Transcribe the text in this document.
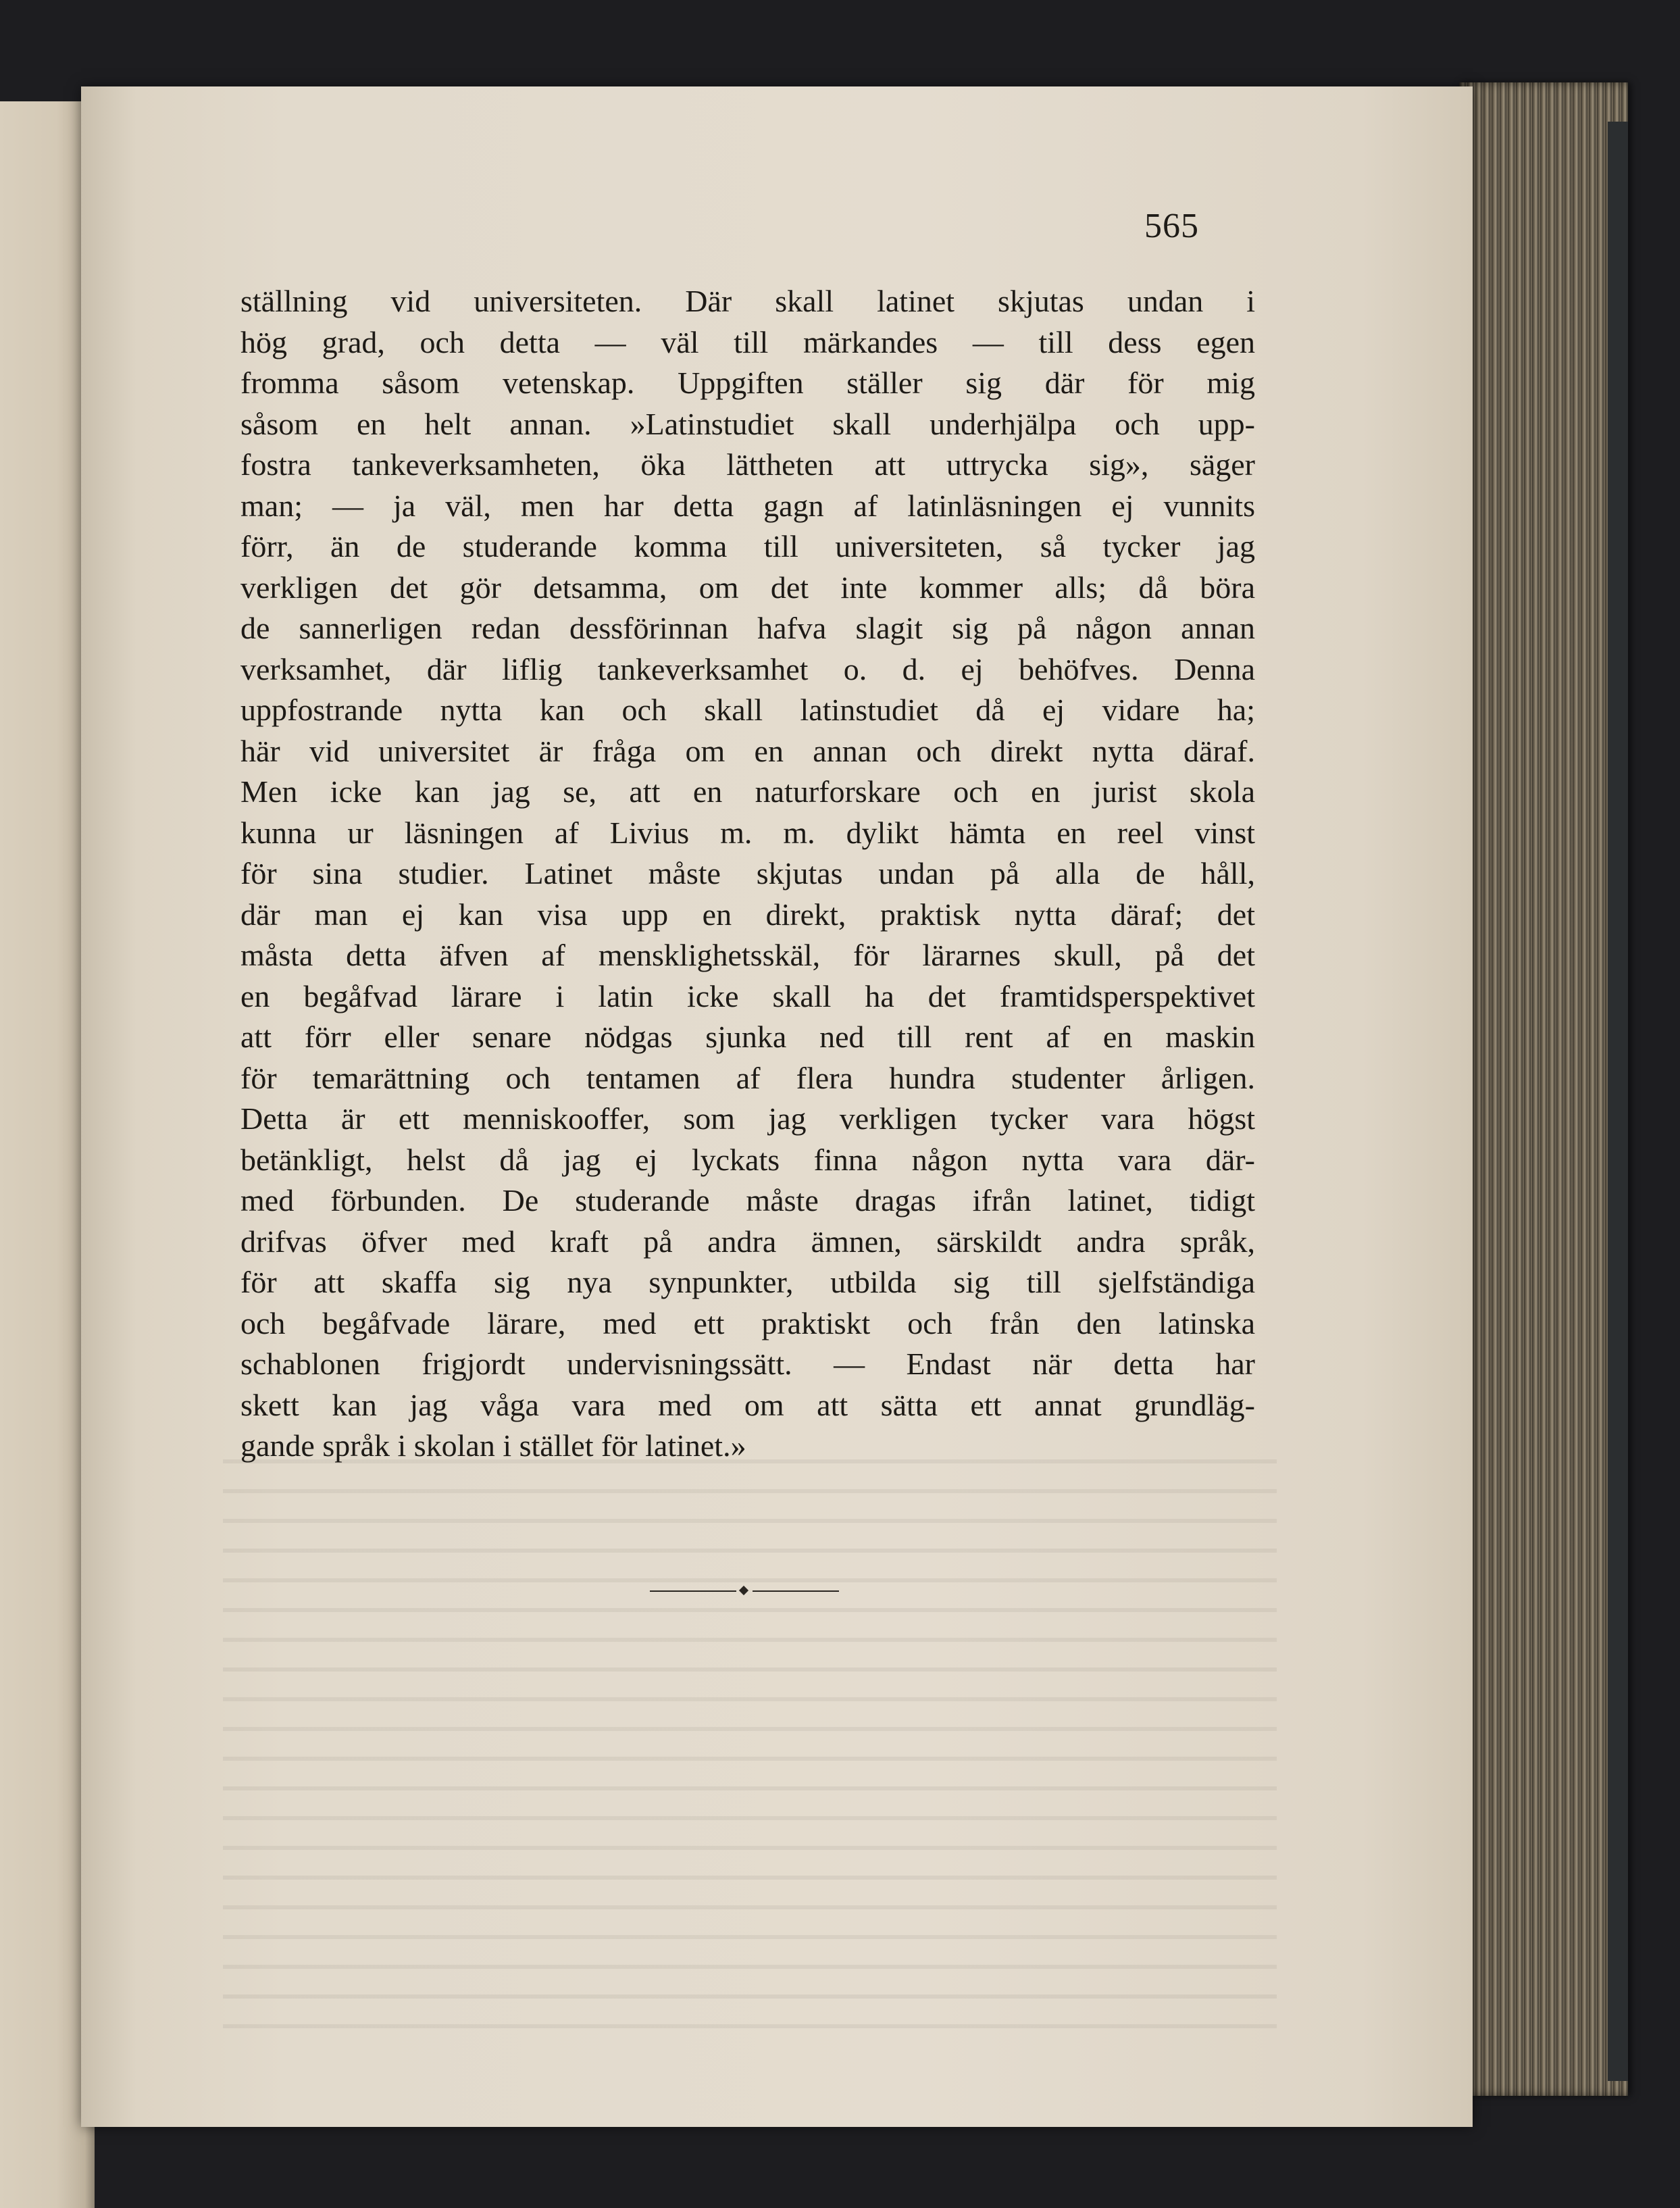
565
ställning vid universiteten. Där skall latinet skjutas undan i
hög grad, och detta — väl till märkandes — till dess egen
fromma såsom vetenskap. Uppgiften ställer sig där för mig
såsom en helt annan. »Latinstudiet skall underhjälpa och upp-
fostra tankeverksamheten, öka lättheten att uttrycka sig», säger
man; — ja väl, men har detta gagn af latinläsningen ej vunnits
förr, än de studerande komma till universiteten, så tycker jag
verkligen det gör detsamma, om det inte kommer alls; då böra
de sannerligen redan dessförinnan hafva slagit sig på någon annan
verksamhet, där liflig tankeverksamhet o. d. ej behöfves. Denna
uppfostrande nytta kan och skall latinstudiet då ej vidare ha;
här vid universitet är fråga om en annan och direkt nytta däraf.
Men icke kan jag se, att en naturforskare och en jurist skola
kunna ur läsningen af Livius m. m. dylikt hämta en reel vinst
för sina studier. Latinet måste skjutas undan på alla de håll,
där man ej kan visa upp en direkt, praktisk nytta däraf; det
måsta detta äfven af mensklighetsskäl, för lärarnes skull, på det
en begåfvad lärare i latin icke skall ha det framtidsperspektivet
att förr eller senare nödgas sjunka ned till rent af en maskin
för temarättning och tentamen af flera hundra studenter årligen.
Detta är ett menniskooffer, som jag verkligen tycker vara högst
betänkligt, helst då jag ej lyckats finna någon nytta vara där-
med förbunden. De studerande måste dragas ifrån latinet, tidigt
drifvas öfver med kraft på andra ämnen, särskildt andra språk,
för att skaffa sig nya synpunkter, utbilda sig till sjelfständiga
och begåfvade lärare, med ett praktiskt och från den latinska
schablonen frigjordt undervisningssätt. — Endast när detta har
skett kan jag våga vara med om att sätta ett annat grundläg-
gande språk i skolan i stället för latinet.»
